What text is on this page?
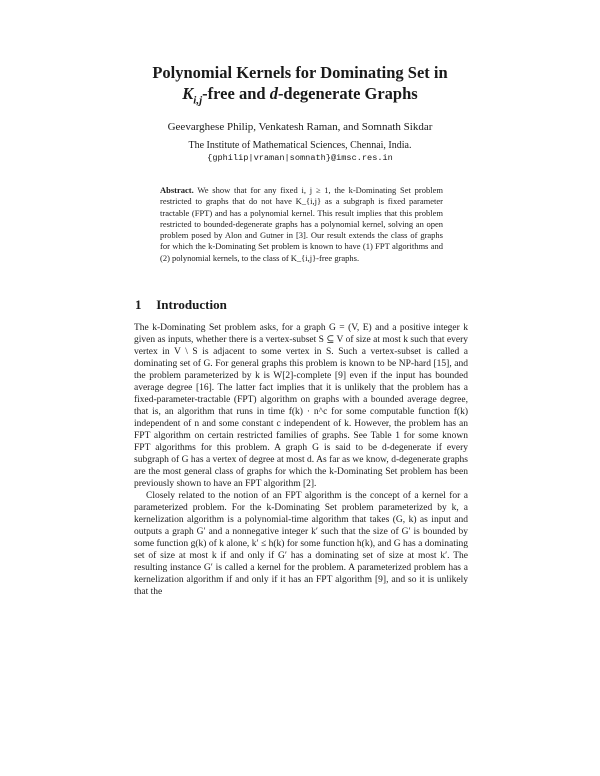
Polynomial Kernels for Dominating Set in
$K_{i,j}$-free and d-degenerate Graphs
Geevarghese Philip, Venkatesh Raman, and Somnath Sikdar
The Institute of Mathematical Sciences, Chennai, India.
{gphilip|vraman|somnath}@imsc.res.in
Abstract. We show that for any fixed i, j ≥ 1, the k-Dominating Set problem restricted to graphs that do not have K_{i,j} as a subgraph is fixed parameter tractable (FPT) and has a polynomial kernel. This result implies that this problem restricted to bounded-degenerate graphs has a polynomial kernel, solving an open problem posed by Alon and Gutner in [3]. Our result extends the class of graphs for which the k-Dominating Set problem is known to have (1) FPT algorithms and (2) polynomial kernels, to the class of K_{i,j}-free graphs.
1 Introduction

The k-Dominating Set problem asks, for a graph G = (V, E) and a positive integer k given as inputs, whether there is a vertex-subset S ⊆ V of size at most k such that every vertex in V \ S is adjacent to some vertex in S. Such a vertex-subset is called a dominating set of G. For general graphs this problem is known to be NP-hard [15], and the problem parameterized by k is W[2]-complete [9] even if the input has bounded average degree [16]. The latter fact implies that it is unlikely that the problem has a fixed-parameter-tractable (FPT) algorithm on graphs with a bounded average degree, that is, an algorithm that runs in time f(k) · n^c for some computable function f(k) independent of n and some constant c independent of k. However, the problem has an FPT algorithm on certain restricted families of graphs. See Table 1 for some known FPT algorithms for this problem. A graph G is said to be d-degenerate if every subgraph of G has a vertex of degree at most d. As far as we know, d-degenerate graphs are the most general class of graphs for which the k-Dominating Set problem has been previously shown to have an FPT algorithm [2].

Closely related to the notion of an FPT algorithm is the concept of a kernel for a parameterized problem. For the k-Dominating Set problem parameterized by k, a kernelization algorithm is a polynomial-time algorithm that takes (G, k) as input and outputs a graph G′ and a nonnegative integer k′ such that the size of G′ is bounded by some function g(k) of k alone, k′ ≤ h(k) for some function h(k), and G has a dominating set of size at most k if and only if G′ has a dominating set of size at most k′. The resulting instance G′ is called a kernel for the problem. A parameterized problem has a kernelization algorithm if and only if it has an FPT algorithm [9], and so it is unlikely that the
